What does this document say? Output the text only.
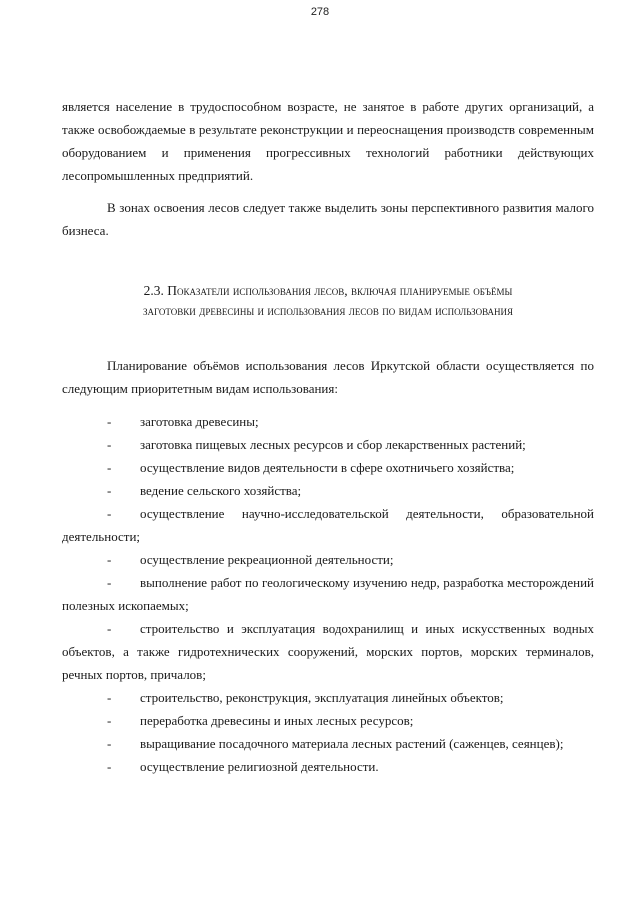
278

является население в трудоспособном возрасте, не занятое в работе других организаций, а также освобождаемые в результате реконструкции и переоснащения производств современным оборудованием и применения прогрессивных технологий работники действующих лесопромышленных предприятий.

В зонах освоения лесов следует также выделить зоны перспективного развития малого бизнеса.

2.3. Показатели использования лесов, включая планируемые объёмы
заготовки древесины и использования лесов по видам использования

Планирование объёмов использования лесов Иркутской области осуществляется по следующим приоритетным видам использования:

- заготовка древесины;
- заготовка пищевых лесных ресурсов и сбор лекарственных растений;
- осуществление видов деятельности в сфере охотничьего хозяйства;
- ведение сельского хозяйства;
- осуществление научно-исследовательской деятельности, образовательной деятельности;
- осуществление рекреационной деятельности;
- выполнение работ по геологическому изучению недр, разработка месторождений полезных ископаемых;
- строительство и эксплуатация водохранилищ и иных искусственных водных объектов, а также гидротехнических сооружений, морских портов, морских терминалов, речных портов, причалов;
- строительство, реконструкция, эксплуатация линейных объектов;
- переработка древесины и иных лесных ресурсов;
- выращивание посадочного материала лесных растений (саженцев, сеянцев);
- осуществление религиозной деятельности.
